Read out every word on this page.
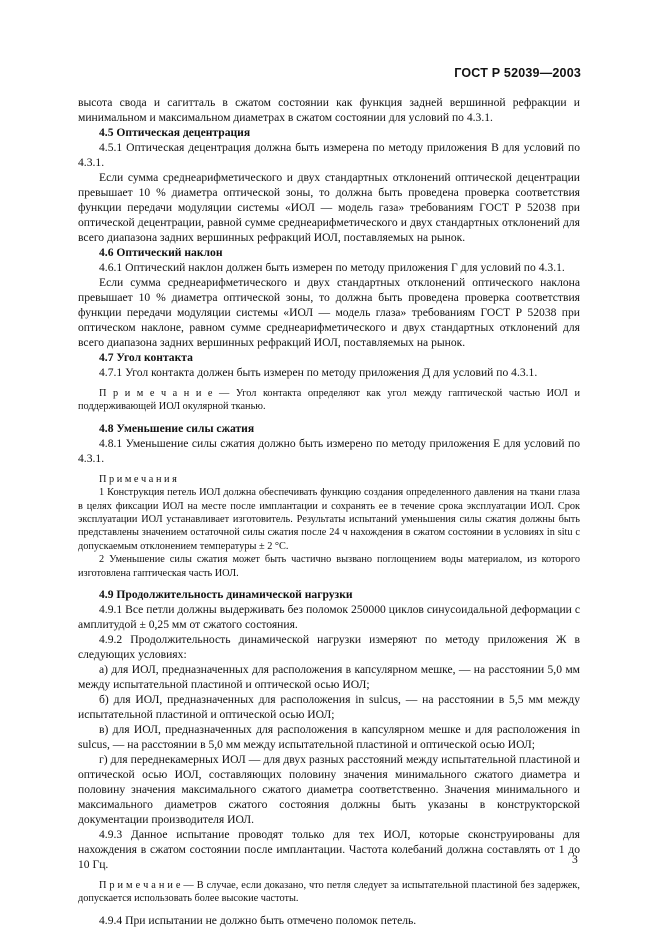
ГОСТ Р 52039—2003

высота свода и сагитталь в сжатом состоянии как функция задней вершинной рефракции и минимальном и максимальном диаметрах в сжатом состоянии для условий по 4.3.1.

4.5 Оптическая децентрация

4.5.1 Оптическая децентрация должна быть измерена по методу приложения В для условий по 4.3.1.

Если сумма среднеарифметического и двух стандартных отклонений оптической децентрации превышает 10 % диаметра оптической зоны, то должна быть проведена проверка соответствия функции передачи модуляции системы «ИОЛ — модель газа» требованиям ГОСТ Р 52038 при оптической децентрации, равной сумме среднеарифметического и двух стандартных отклонений для всего диапазона задних вершинных рефракций ИОЛ, поставляемых на рынок.

4.6 Оптический наклон

4.6.1 Оптический наклон должен быть измерен по методу приложения Г для условий по 4.3.1.

Если сумма среднеарифметического и двух стандартных отклонений оптического наклона превышает 10 % диаметра оптической зоны, то должна быть проведена проверка соответствия функции передачи модуляции системы «ИОЛ — модель глаза» требованиям ГОСТ Р 52038 при оптическом наклоне, равном сумме среднеарифметического и двух стандартных отклонений для всего диапазона задних вершинных рефракций ИОЛ, поставляемых на рынок.

4.7 Угол контакта

4.7.1 Угол контакта должен быть измерен по методу приложения Д для условий по 4.3.1.

П р и м е ч а н и е — Угол контакта определяют как угол между гаптической частью ИОЛ и поддерживающей ИОЛ окулярной тканью.

4.8 Уменьшение силы сжатия

4.8.1 Уменьшение силы сжатия должно быть измерено по методу приложения Е для условий по 4.3.1.

П р и м е ч а н и я

1 Конструкция петель ИОЛ должна обеспечивать функцию создания определенного давления на ткани глаза в целях фиксации ИОЛ на месте после имплантации и сохранять ее в течение срока эксплуатации ИОЛ. Срок эксплуатации ИОЛ устанавливает изготовитель. Результаты испытаний уменьшения силы сжатия должны быть представлены значением остаточной силы сжатия после 24 ч нахождения в сжатом состоянии в условиях in situ с допускаемым отклонением температуры ± 2 °С.

2 Уменьшение силы сжатия может быть частично вызвано поглощением воды материалом, из которого изготовлена гаптическая часть ИОЛ.

4.9 Продолжительность динамической нагрузки

4.9.1 Все петли должны выдерживать без поломок 250000 циклов синусоидальной деформации с амплитудой ± 0,25 мм от сжатого состояния.

4.9.2 Продолжительность динамической нагрузки измеряют по методу приложения Ж в следующих условиях:

а) для ИОЛ, предназначенных для расположения в капсулярном мешке, — на расстоянии 5,0 мм между испытательной пластиной и оптической осью ИОЛ;

б) для ИОЛ, предназначенных для расположения in sulcus, — на расстоянии в 5,5 мм между испытательной пластиной и оптической осью ИОЛ;

в) для ИОЛ, предназначенных для расположения в капсулярном мешке и для расположения in sulcus, — на расстоянии в 5,0 мм между испытательной пластиной и оптической осью ИОЛ;

г) для переднекамерных ИОЛ — для двух разных расстояний между испытательной пластиной и оптической осью ИОЛ, составляющих половину значения минимального сжатого диаметра и половину значения максимального сжатого диаметра соответственно. Значения минимального и максимального диаметров сжатого состояния должны быть указаны в конструкторской документации производителя ИОЛ.

4.9.3 Данное испытание проводят только для тех ИОЛ, которые сконструированы для нахождения в сжатом состоянии после имплантации. Частота колебаний должна составлять от 1 до 10 Гц.

П р и м е ч а н и е — В случае, если доказано, что петля следует за испытательной пластиной без задержек, допускается использовать более высокие частоты.

4.9.4 При испытании не должно быть отмечено поломок петель.

3
